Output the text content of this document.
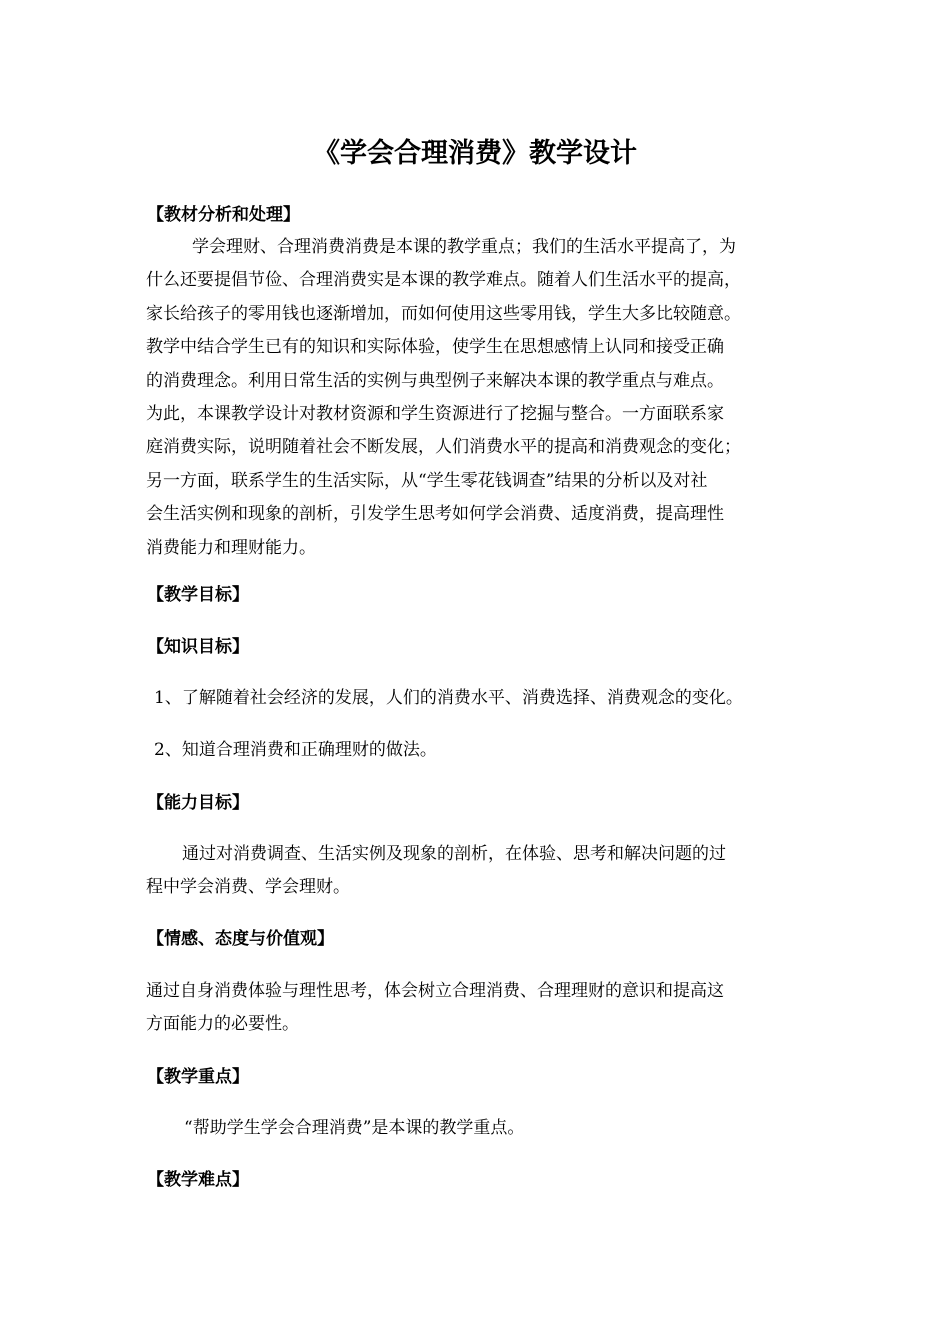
《学会合理消费》教学设计
【教材分析和处理】
学会理财、合理消费消费是本课的教学重点；我们的生活水平提高了，为
什么还要提倡节俭、合理消费实是本课的教学难点。随着人们生活水平的提高，
家长给孩子的零用钱也逐渐增加，而如何使用这些零用钱，学生大多比较随意。
教学中结合学生已有的知识和实际体验，使学生在思想感情上认同和接受正确
的消费理念。利用日常生活的实例与典型例子来解决本课的教学重点与难点。
为此，本课教学设计对教材资源和学生资源进行了挖掘与整合。一方面联系家
庭消费实际，说明随着社会不断发展，人们消费水平的提高和消费观念的变化；
另一方面，联系学生的生活实际，从“学生零花钱调查”结果的分析以及对社
会生活实例和现象的剖析，引发学生思考如何学会消费、适度消费，提高理性
消费能力和理财能力。
【教学目标】
【知识目标】
1、了解随着社会经济的发展，人们的消费水平、消费选择、消费观念的变化。
2、知道合理消费和正确理财的做法。
【能力目标】
通过对消费调查、生活实例及现象的剖析，在体验、思考和解决问题的过
程中学会消费、学会理财。
【情感、态度与价值观】
通过自身消费体验与理性思考，体会树立合理消费、合理理财的意识和提高这
方面能力的必要性。
【教学重点】
“帮助学生学会合理消费”是本课的教学重点。
【教学难点】
